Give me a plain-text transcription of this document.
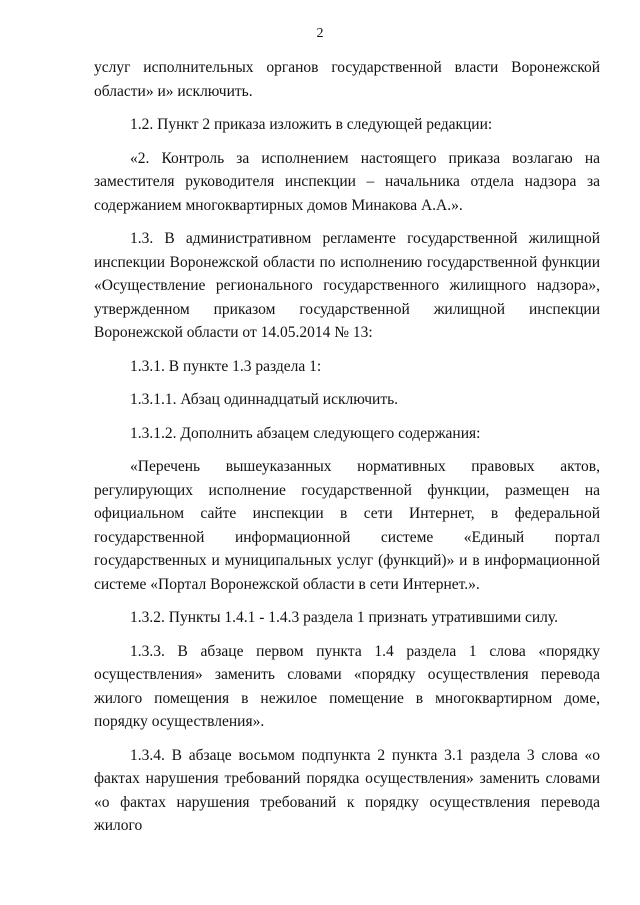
2

услуг исполнительных органов государственной власти Воронежской области» и» исключить.

1.2. Пункт 2 приказа изложить в следующей редакции:

«2. Контроль за исполнением настоящего приказа возлагаю на заместителя руководителя инспекции – начальника отдела надзора за содержанием многоквартирных домов Минакова А.А.».

1.3. В административном регламенте государственной жилищной инспекции Воронежской области по исполнению государственной функции «Осуществление регионального государственного жилищного надзора», утвержденном приказом государственной жилищной инспекции Воронежской области от 14.05.2014 № 13:

1.3.1. В пункте 1.3 раздела 1:

1.3.1.1. Абзац одиннадцатый исключить.

1.3.1.2. Дополнить абзацем следующего содержания:

«Перечень вышеуказанных нормативных правовых актов, регулирующих исполнение государственной функции, размещен на официальном сайте инспекции в сети Интернет, в федеральной государственной информационной системе «Единый портал государственных и муниципальных услуг (функций)» и в информационной системе «Портал Воронежской области в сети Интернет.».

1.3.2. Пункты 1.4.1 - 1.4.3 раздела 1 признать утратившими силу.

1.3.3. В абзаце первом пункта 1.4 раздела 1 слова «порядку осуществления» заменить словами «порядку осуществления перевода жилого помещения в нежилое помещение в многоквартирном доме, порядку осуществления».

1.3.4. В абзаце восьмом подпункта 2 пункта 3.1 раздела 3 слова «о фактах нарушения требований порядка осуществления» заменить словами «о фактах нарушения требований к порядку осуществления перевода жилого
